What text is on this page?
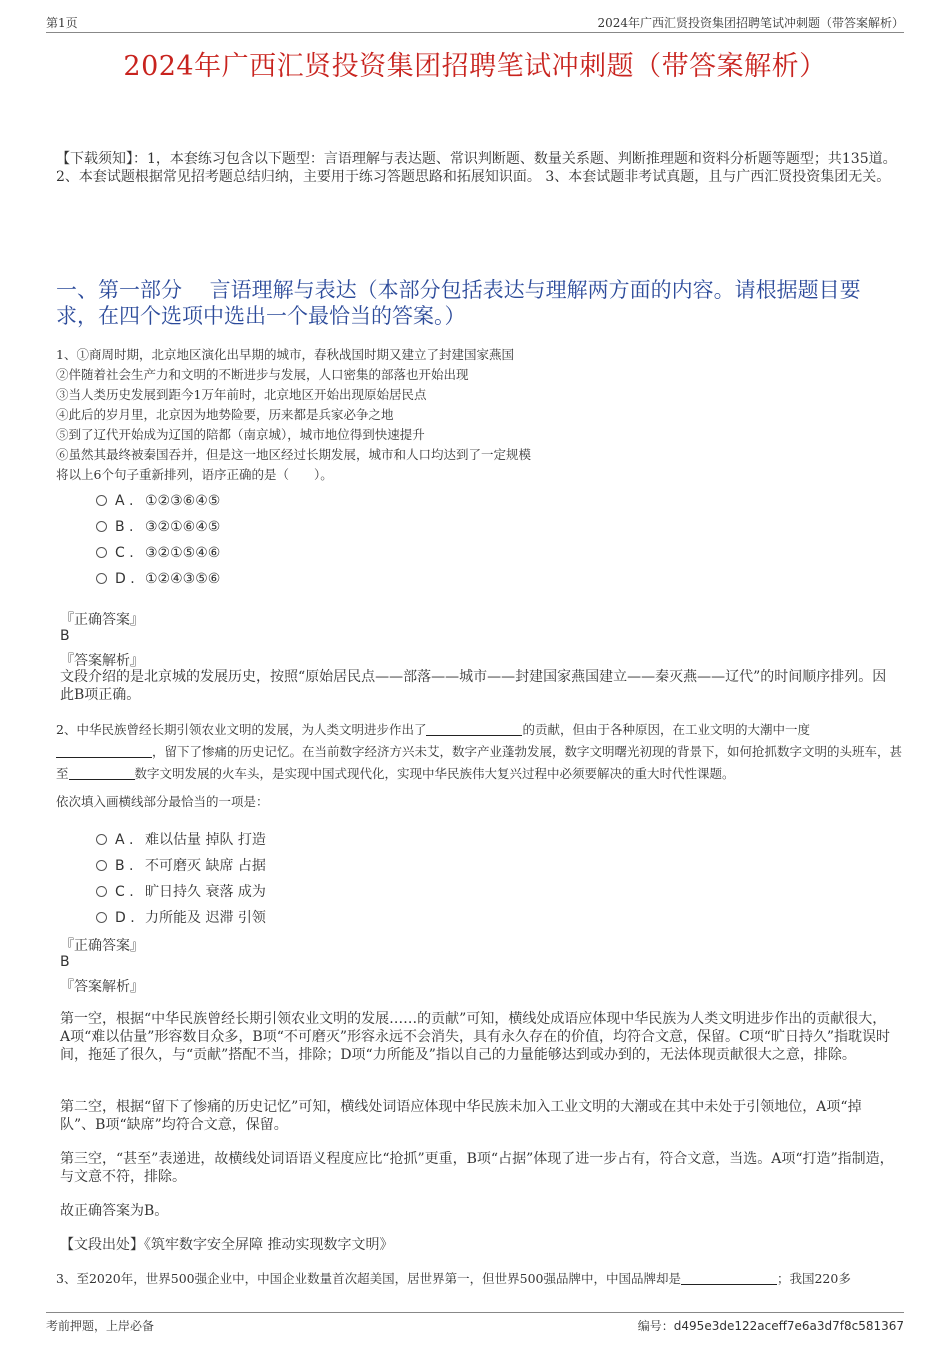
第1页	2024年广西汇贤投资集团招聘笔试冲刺题（带答案解析）
2024年广西汇贤投资集团招聘笔试冲刺题（带答案解析）
【下载须知】：1，本套练习包含以下题型：言语理解与表达题、常识判断题、数量关系题、判断推理题和资料分析题等题型；共135道。 2、本套试题根据常见招考题总结归纳，主要用于练习答题思路和拓展知识面。 3、本套试题非考试真题，且与广西汇贤投资集团无关。
一、第一部分　 言语理解与表达（本部分包括表达与理解两方面的内容。请根据题目要求，在四个选项中选出一个最恰当的答案。）
1、①商周时期，北京地区演化出早期的城市，春秋战国时期又建立了封建国家燕国
②伴随着社会生产力和文明的不断进步与发展，人口密集的部落也开始出现
③当人类历史发展到距今1万年前时，北京地区开始出现原始居民点
④此后的岁月里，北京因为地势险要，历来都是兵家必争之地
⑤到了辽代开始成为辽国的陪都（南京城），城市地位得到快速提升
⑥虽然其最终被秦国吞并，但是这一地区经过长期发展，城市和人口均达到了一定规模
将以上6个句子重新排列，语序正确的是（　　）。
A . ①②③⑥④⑤
B . ③②①⑥④⑤
C . ③②①⑤④⑥
D . ①②④③⑤⑥
『正确答案』
B
『答案解析』
文段介绍的是北京城的发展历史，按照“原始居民点——部落——城市——封建国家燕国建立——秦灭燕——辽代”的时间顺序排列。因此B项正确。
2、中华民族曾经长期引领农业文明的发展，为人类文明进步作出了	的贡献，但由于各种原因，在工业文明的大潮中一度，留下了惨痛的历史记忆。在当前数字经济方兴未艾，数字产业蓬勃发展，数字文明曙光初现的背景下，如何抢抓数字文明的头班车，甚至	数字文明发展的火车头，是实现中国式现代化，实现中华民族伟大复兴过程中必须要解决的重大时代性课题。
依次填入画横线部分最恰当的一项是：
A . 难以估量 掉队 打造
B . 不可磨灭 缺席 占据
C . 旷日持久 衰落 成为
D . 力所能及 迟滞 引领
『正确答案』
B
『答案解析』
第一空，根据“中华民族曾经长期引领农业文明的发展……的贡献”可知，横线处成语应体现中华民族为人类文明进步作出的贡献很大，A项“难以估量”形容数目众多，B项“不可磨灭”形容永远不会消失，具有永久存在的价值，均符合文意，保留。C项“旷日持久”指耽误时间，拖延了很久，与“贡献”搭配不当，排除；D项“力所能及”指以自己的力量能够达到或办到的，无法体现贡献很大之意，排除。
第二空，根据“留下了惨痛的历史记忆”可知，横线处词语应体现中华民族未加入工业文明的大潮或在其中未处于引领地位，A项“掉队”、B项“缺席”均符合文意，保留。
第三空，“甚至”表递进，故横线处词语语义程度应比“抢抓”更重，B项“占据”体现了进一步占有，符合文意，当选。A项“打造”指制造，与文意不符，排除。
故正确答案为B。
【文段出处】《筑牢数字安全屏障 推动实现数字文明》
3、至2020年，世界500强企业中，中国企业数量首次超美国，居世界第一，但世界500强品牌中，中国品牌却是	；我国220多
考前押题，上岸必备	编号：d495e3de122aceff7e6a3d7f8c581367
